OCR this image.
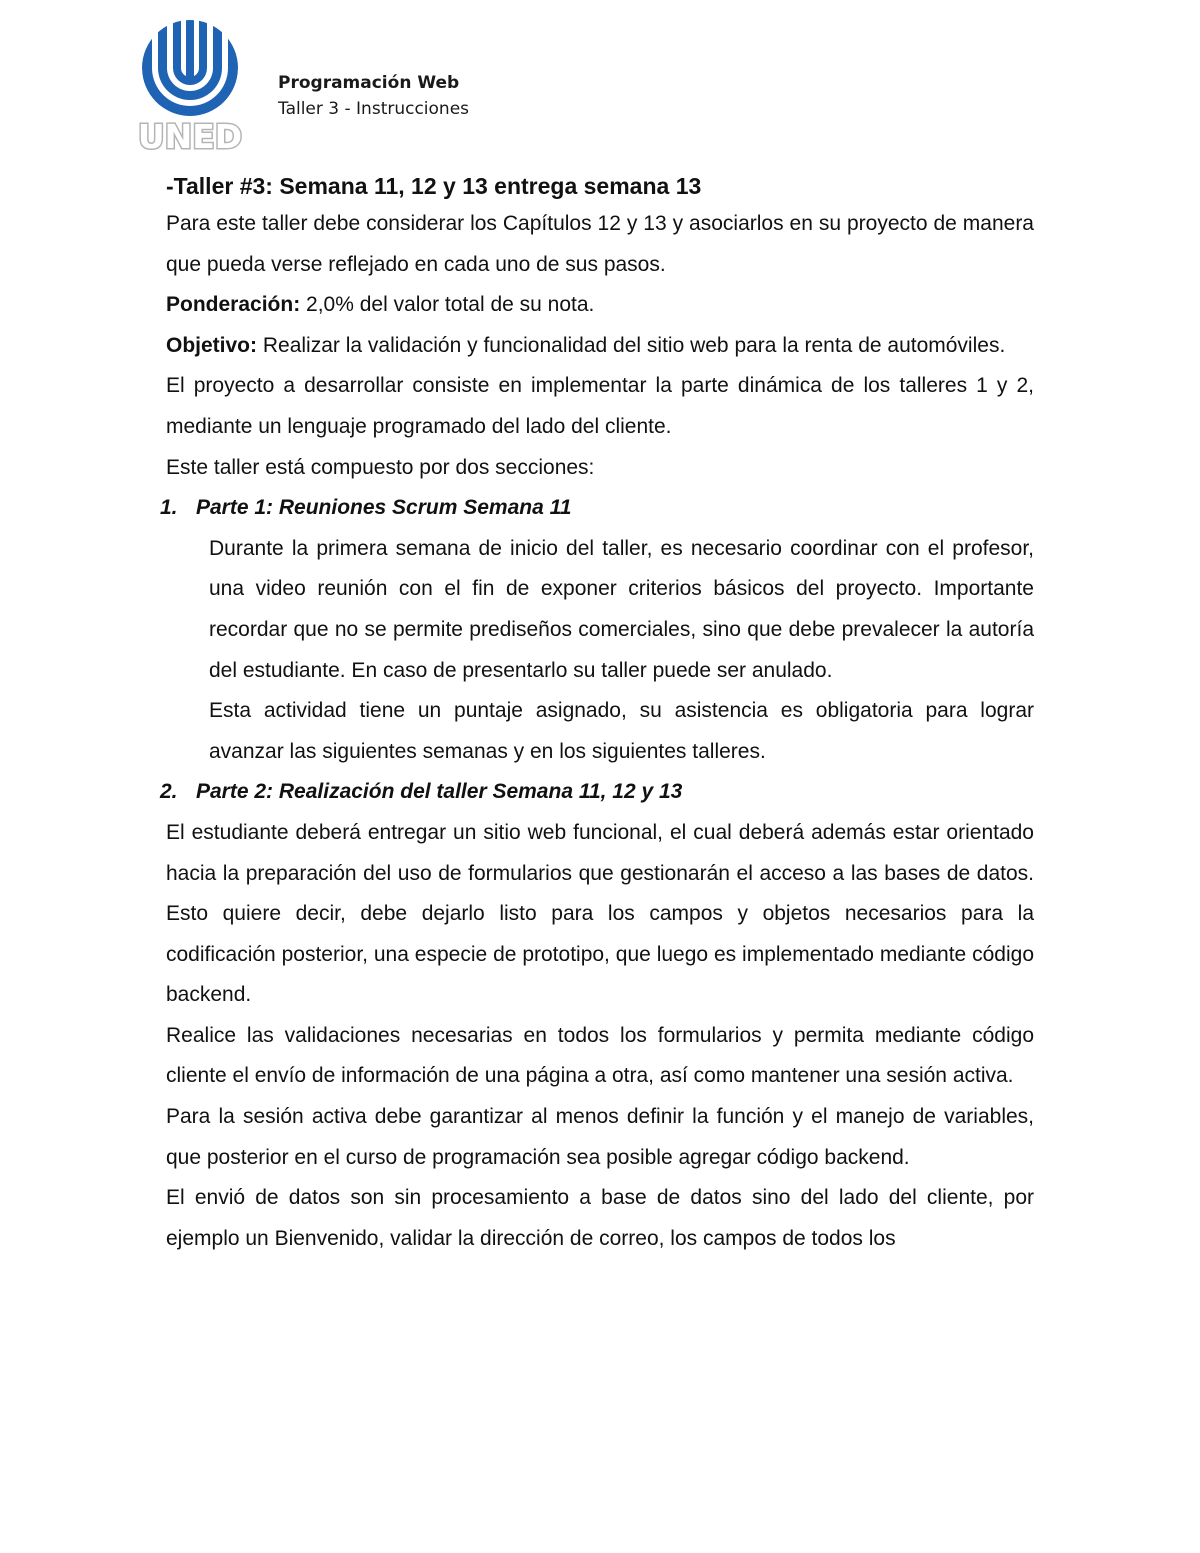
UNED
Programación Web
Taller 3 - Instrucciones

-Taller #3: Semana 11, 12 y 13 entrega semana 13

Para este taller debe considerar los Capítulos 12 y 13 y asociarlos en su proyecto de manera que pueda verse reflejado en cada uno de sus pasos.

Ponderación: 2,0% del valor total de su nota.

Objetivo: Realizar la validación y funcionalidad del sitio web para la renta de automóviles.

El proyecto a desarrollar consiste en implementar la parte dinámica de los talleres 1 y 2, mediante un lenguaje programado del lado del cliente.

Este taller está compuesto por dos secciones:

1. Parte 1: Reuniones Scrum Semana 11

Durante la primera semana de inicio del taller, es necesario coordinar con el profesor, una video reunión con el fin de exponer criterios básicos del proyecto. Importante recordar que no se permite prediseños comerciales, sino que debe prevalecer la autoría del estudiante. En caso de presentarlo su taller puede ser anulado.

Esta actividad tiene un puntaje asignado, su asistencia es obligatoria para lograr avanzar las siguientes semanas y en los siguientes talleres.

2. Parte 2: Realización del taller Semana 11, 12 y 13

El estudiante deberá entregar un sitio web funcional, el cual deberá además estar orientado hacia la preparación del uso de formularios que gestionarán el acceso a las bases de datos. Esto quiere decir, debe dejarlo listo para los campos y objetos necesarios para la codificación posterior, una especie de prototipo, que luego es implementado mediante código backend.

Realice las validaciones necesarias en todos los formularios y permita mediante código cliente el envío de información de una página a otra, así como mantener una sesión activa.

Para la sesión activa debe garantizar al menos definir la función y el manejo de variables, que posterior en el curso de programación sea posible agregar código backend.

El envió de datos son sin procesamiento a base de datos sino del lado del cliente, por ejemplo un Bienvenido, validar la dirección de correo, los campos de todos los
